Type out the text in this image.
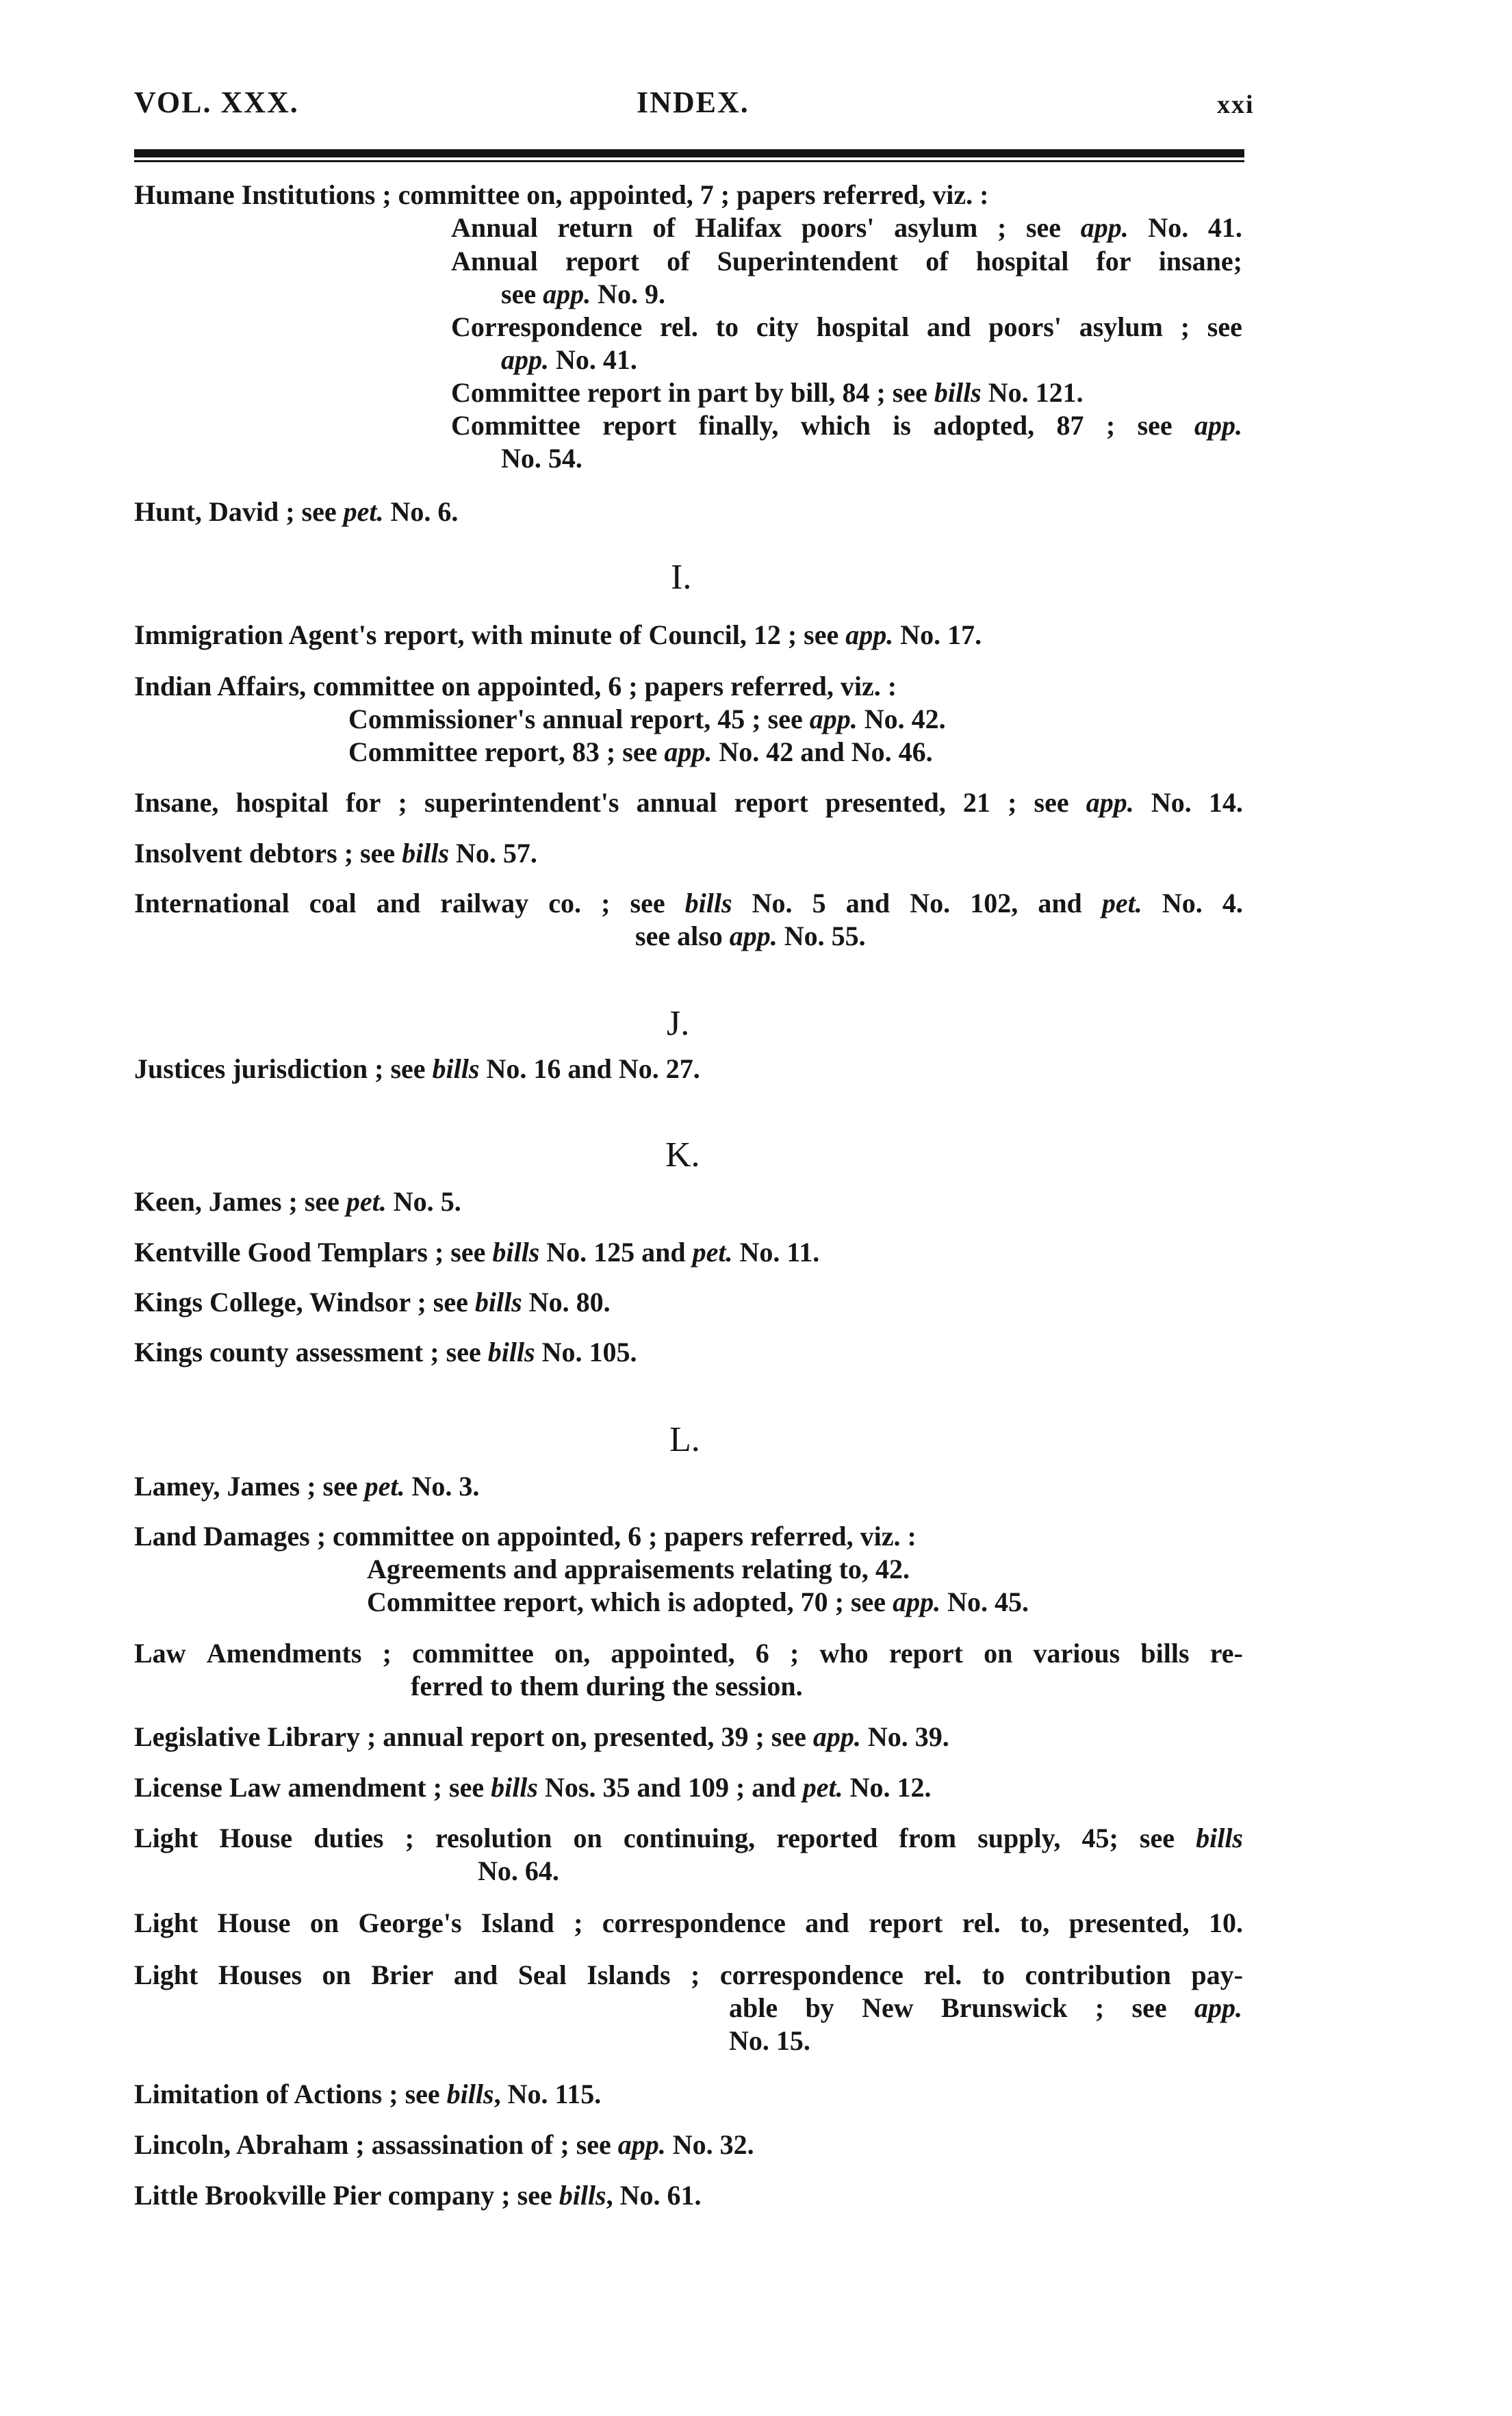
VOL. XXX.	INDEX.	xxi
Humane Institutions ; committee on, appointed, 7 ; papers referred, viz. :
Annual return of Halifax poors' asylum ; see app. No. 41.
Annual report of Superintendent of hospital for insane;
see app. No. 9.
Correspondence rel. to city hospital and poors' asylum ; see
app. No. 41.
Committee report in part by bill, 84 ; see bills No. 121.
Committee report finally, which is adopted, 87 ; see app.
No. 54.
Hunt, David ; see pet. No. 6.
I.
Immigration Agent's report, with minute of Council, 12 ; see app. No. 17.
Indian Affairs, committee on appointed, 6 ; papers referred, viz. :
Commissioner's annual report, 45 ; see app. No. 42.
Committee report, 83 ; see app. No. 42 and No. 46.
Insane, hospital for ; superintendent's annual report presented, 21 ; see app. No. 14.
Insolvent debtors ; see bills No. 57.
International coal and railway co. ; see bills No. 5 and No. 102, and pet. No. 4.
see also app. No. 55.
J.
Justices jurisdiction ; see bills No. 16 and No. 27.
K.
Keen, James ; see pet. No. 5.
Kentville Good Templars ; see bills No. 125 and pet. No. 11.
Kings College, Windsor ; see bills No. 80.
Kings county assessment ; see bills No. 105.
L.
Lamey, James ; see pet. No. 3.
Land Damages ; committee on appointed, 6 ; papers referred, viz. :
Agreements and appraisements relating to, 42.
Committee report, which is adopted, 70 ; see app. No. 45.
Law Amendments ; committee on, appointed, 6 ; who report on various bills re-
ferred to them during the session.
Legislative Library ; annual report on, presented, 39 ; see app. No. 39.
License Law amendment ; see bills Nos. 35 and 109 ; and pet. No. 12.
Light House duties ; resolution on continuing, reported from supply, 45; see bills
No. 64.
Light House on George's Island ; correspondence and report rel. to, presented, 10.
Light Houses on Brier and Seal Islands ; correspondence rel. to contribution pay-
able by New Brunswick ; see app.
No. 15.
Limitation of Actions ; see bills, No. 115.
Lincoln, Abraham ; assassination of ; see app. No. 32.
Little Brookville Pier company ; see bills, No. 61.
